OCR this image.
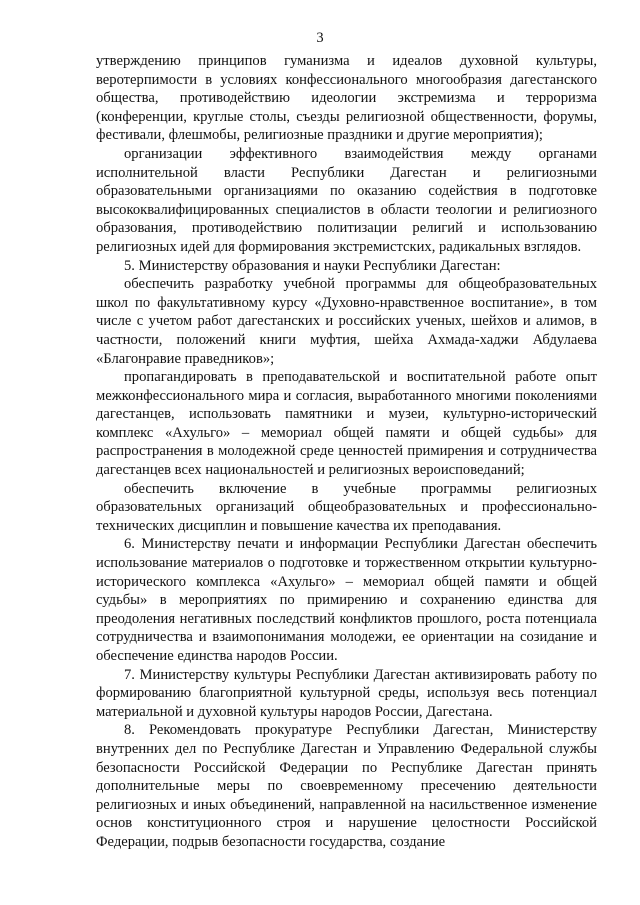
3

утверждению принципов гуманизма и идеалов духовной культуры, веротерпимости в условиях конфессионального многообразия дагестанского общества, противодействию идеологии экстремизма и терроризма (конференции, круглые столы, съезды религиозной общественности, форумы, фестивали, флешмобы, религиозные праздники и другие мероприятия);

организации эффективного взаимодействия между органами исполнительной власти Республики Дагестан и религиозными образовательными организациями по оказанию содействия в подготовке высококвалифицированных специалистов в области теологии и религиозного образования, противодействию политизации религий и использованию религиозных идей для формирования экстремистских, радикальных взглядов.

5. Министерству образования и науки Республики Дагестан:

обеспечить разработку учебной программы для общеобразовательных школ по факультативному курсу «Духовно-нравственное воспитание», в том числе с учетом работ дагестанских и российских ученых, шейхов и алимов, в частности, положений книги муфтия, шейха Ахмада-хаджи Абдулаева «Благонравие праведников»;

пропагандировать в преподавательской и воспитательной работе опыт межконфессионального мира и согласия, выработанного многими поколениями дагестанцев, использовать памятники и музеи, культурно-исторический комплекс «Ахульго» – мемориал общей памяти и общей судьбы» для распространения в молодежной среде ценностей примирения и сотрудничества дагестанцев всех национальностей и религиозных вероисповеданий;

обеспечить включение в учебные программы религиозных образовательных организаций общеобразовательных и профессионально-технических дисциплин и повышение качества их преподавания.

6. Министерству печати и информации Республики Дагестан обеспечить использование материалов о подготовке и торжественном открытии культурно-исторического комплекса «Ахульго» – мемориал общей памяти и общей судьбы» в мероприятиях по примирению и сохранению единства для преодоления негативных последствий конфликтов прошлого, роста потенциала сотрудничества и взаимопонимания молодежи, ее ориентации на созидание и обеспечение единства народов России.

7. Министерству культуры Республики Дагестан активизировать работу по формированию благоприятной культурной среды, используя весь потенциал материальной и духовной культуры народов России, Дагестана.

8. Рекомендовать прокуратуре Республики Дагестан, Министерству внутренних дел по Республике Дагестан и Управлению Федеральной службы безопасности Российской Федерации по Республике Дагестан принять дополнительные меры по своевременному пресечению деятельности религиозных и иных объединений, направленной на насильственное изменение основ конституционного строя и нарушение целостности Российской Федерации, подрыв безопасности государства, создание
